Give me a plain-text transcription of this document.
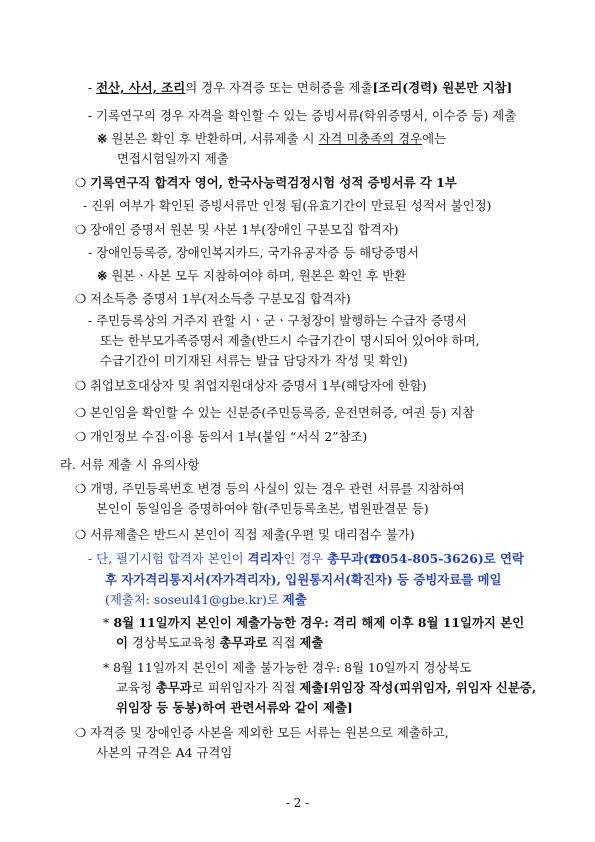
- 전산, 사서, 조리의 경우 자격증 또는 면허증을 제출[조리(경력) 원본만 지참]
- 기록연구의 경우 자격을 확인할 수 있는 증빙서류(학위증명서, 이수증 등) 제출
※ 원본은 확인 후 반환하며, 서류제출 시 자격 미충족의 경우에는
면접시험일까지 제출
❍ 기록연구직 합격자 영어, 한국사능력검정시험 성적 증빙서류 각 1부
- 진위 여부가 확인된 증빙서류만 인정 됨(유효기간이 만료된 성적서 불인정)
❍ 장애인 증명서 원본 및 사본 1부(장애인 구분모집 합격자)
- 장애인등록증, 장애인복지카드, 국가유공자증 등 해당증명서
※ 원본ㆍ사본 모두 지참하여야 하며, 원본은 확인 후 반환
❍ 저소득층 증명서 1부(저소득층 구분모집 합격자)
- 주민등록상의 거주지 관할 시ㆍ군ㆍ구청장이 발행하는 수급자 증명서
또는 한부모가족증명서 제출(반드시 수급기간이 명시되어 있어야 하며,
수급기간이 미기재된 서류는 발급 담당자가 작성 및 확인)
❍ 취업보호대상자 및 취업지원대상자 증명서 1부(해당자에 한함)
❍ 본인임을 확인할 수 있는 신분증(주민등록증, 운전면허증, 여권 등) 지참
❍ 개인정보 수집·이용 동의서 1부(붙임 “서식 2”참조)
라. 서류 제출 시 유의사항
❍ 개명, 주민등록번호 변경 등의 사실이 있는 경우 관련 서류를 지참하여
본인이 동일임을 증명하여야 함(주민등록초본, 법원판결문 등)
❍ 서류제출은 반드시 본인이 직접 제출(우편 및 대리접수 불가)
- 단, 필기시험 합격자 본인이 격리자인 경우 총무과(☎054-805-3626)로 연락
후 자가격리통지서(자가격리자), 입원통지서(확진자) 등 증빙자료를 메일
(제출처: soseul41@gbe.kr)로 제출
* 8월 11일까지 본인이 제출가능한 경우: 격리 해제 이후 8월 11일까지 본인
이 경상북도교육청 총무과로 직접 제출
* 8월 11일까지 본인이 제출 불가능한 경우: 8월 10일까지 경상북도
교육청 총무과로 피위임자가 직접 제출[위임장 작성(피위임자, 위임자 신분증,
위임장 등 동봉)하여 관련서류와 같이 제출]
❍ 자격증 및 장애인증 사본을 제외한 모든 서류는 원본으로 제출하고,
사본의 규격은 A4 규격임
- 2 -
